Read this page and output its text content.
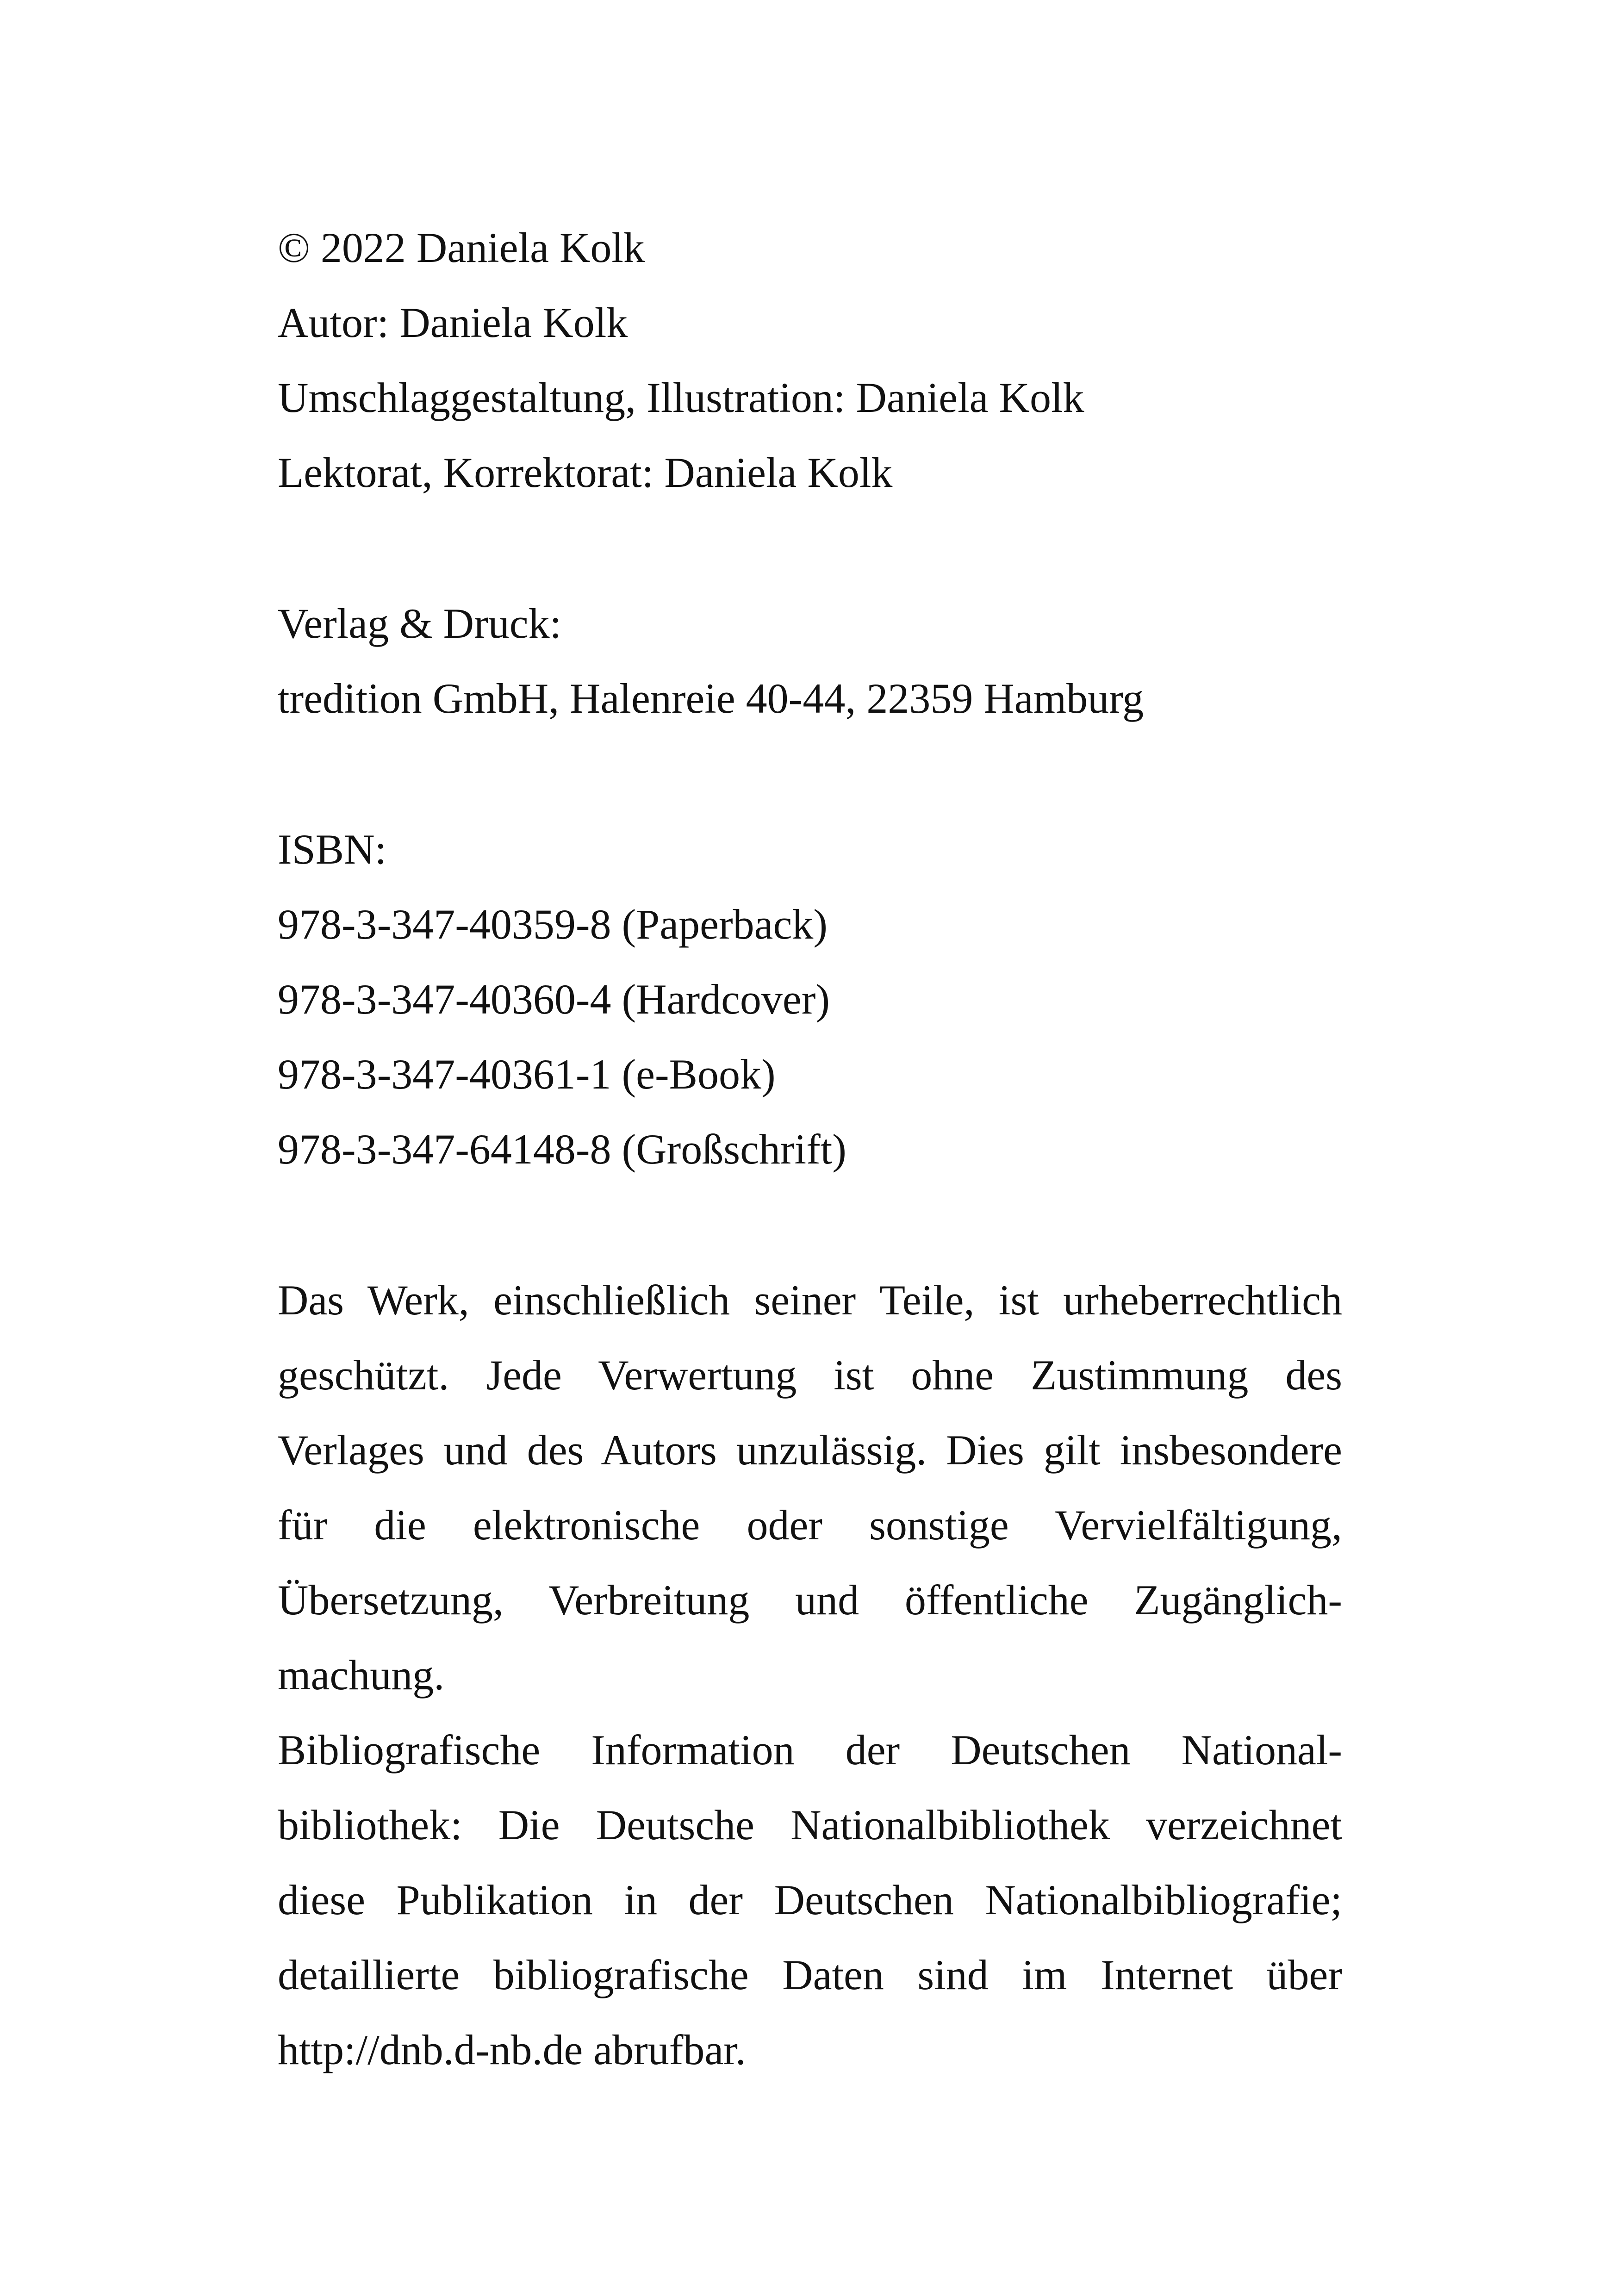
© 2022 Daniela Kolk
Autor: Daniela Kolk
Umschlaggestaltung, Illustration: Daniela Kolk
Lektorat, Korrektorat: Daniela Kolk
Verlag & Druck:
tredition GmbH, Halenreie 40-44, 22359 Hamburg
ISBN:
978-3-347-40359-8 (Paperback)
978-3-347-40360-4 (Hardcover)
978-3-347-40361-1 (e-Book)
978-3-347-64148-8 (Großschrift)
Das Werk, einschließlich seiner Teile, ist urheberrechtlich
geschützt. Jede Verwertung ist ohne Zustimmung des
Verlages und des Autors unzulässig. Dies gilt insbesondere
für die elektronische oder sonstige Vervielfältigung,
Übersetzung, Verbreitung und öffentliche Zugänglich-
machung.
Bibliografische Information der Deutschen National-
bibliothek: Die Deutsche Nationalbibliothek verzeichnet
diese Publikation in der Deutschen Nationalbibliografie;
detaillierte bibliografische Daten sind im Internet über
http://dnb.d-nb.de abrufbar.
